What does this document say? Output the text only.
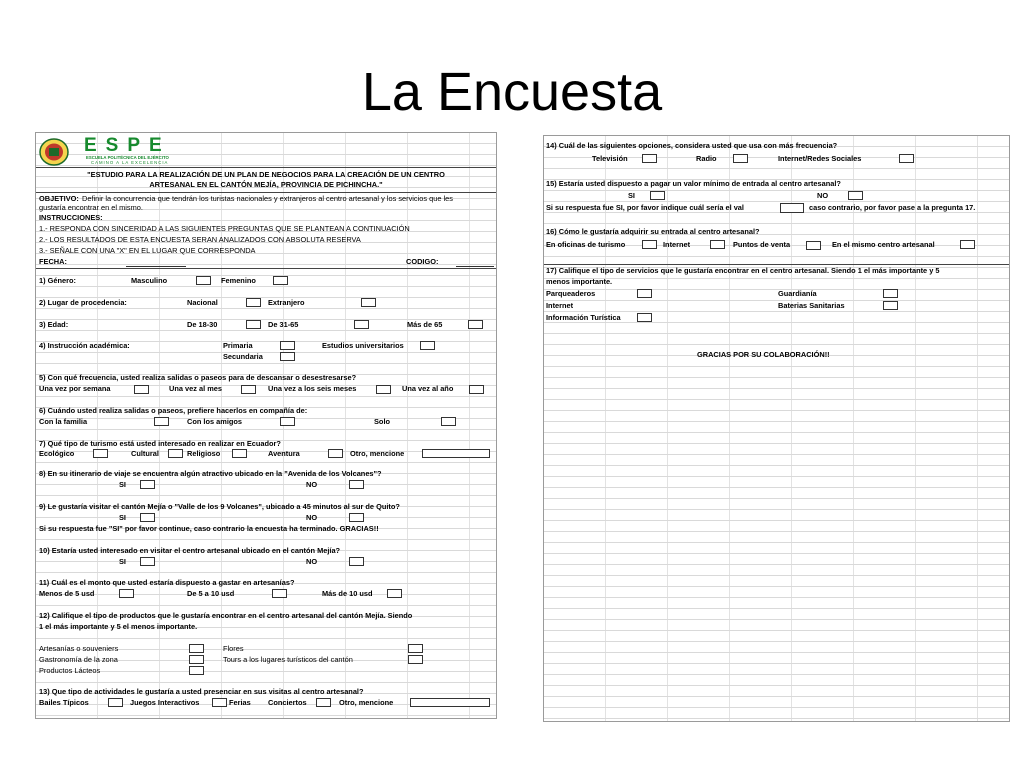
La Encuesta
ESPE
ESCUELA POLITÉCNICA DEL EJÉRCITO
CAMINO A LA EXCELENCIA
"ESTUDIO PARA LA REALIZACIÓN DE UN PLAN DE NEGOCIOS PARA LA CREACIÓN DE UN CENTRO
ARTESANAL EN EL CANTÓN MEJÍA, PROVINCIA DE PICHINCHA."
OBJETIVO: Definir la concurrencia que tendrán los turistas nacionales y extranjeros al centro artesanal y los servicios que les
gustaría encontrar en el mismo.
INSTRUCCIONES:
1.- RESPONDA CON SINCERIDAD A LAS SIGUIENTES PREGUNTAS QUE SE PLANTEAN A CONTINUACIÓN
2.- LOS RESULTADOS DE ESTA ENCUESTA SERAN ANALIZADOS CON ABSOLUTA RESERVA
3.- SEÑALE CON UNA "X" EN EL LUGAR QUE CORRESPONDA
FECHA:	CODIGO:
1) Género:	Masculino	Femenino
2) Lugar de procedencia:	Nacional	Extranjero
3) Edad:	De 18-30	De 31-65	Más de 65
4) Instrucción académica:	Primaria	Estudios universitarios
Secundaria
5) Con qué frecuencia, usted realiza salidas o paseos para de descansar o desestresarse?
Una vez por semana	Una vez al mes	Una vez a los seis meses	Una vez al año
6) Cuándo usted realiza salidas o paseos, prefiere hacerlos en compañía de:
Con la familia	Con los amigos	Solo
7) Qué tipo de turismo está usted interesado en realizar en Ecuador?
Ecológico	Cultural	Religioso	Aventura	Otro, mencione
8) En su itinerario de viaje se encuentra algún atractivo ubicado en la "Avenida de los Volcanes"?
SI	NO
9) Le gustaría visitar el cantón Mejía o "Valle de los 9 Volcanes", ubicado a 45 minutos al sur de Quito?
SI	NO
Si su respuesta fue "SI" por favor continue, caso contrario la encuesta ha terminado. GRACIAS!!
10) Estaría usted interesado en visitar el centro artesanal ubicado en el cantón Mejía?
SI	NO
11) Cuál es el monto que usted estaría dispuesto a gastar en artesanías?
Menos de 5 usd	De 5 a 10 usd	Más de 10 usd
12) Califique el tipo de productos que le gustaría encontrar en el centro artesanal del cantón Mejía. Siendo
1 el más importante y 5 el menos importante.
Artesanías o souveniers	Flores
Gastronomía de la zona	Tours a los lugares turísticos del cantón
Productos Lácteos
13) Que tipo de actividades le gustaría a usted presenciar en sus visitas al centro artesanal?
Bailes Típicos	Juegos Interactivos	Ferias Conciertos	Otro, mencione
14) Cuál de las siguientes opciones, considera usted que usa con más frecuencia?
Televisión	Radio	Internet/Redes Sociales
15) Estaría usted dispuesto a pagar un valor mínimo de entrada al centro artesanal?
SI	NO
Si su respuesta fue SI, por favor indique cuál sería el val	caso contrario, por favor pase a la pregunta 17.
16) Cómo le gustaría adquirir su entrada al centro artesanal?
En oficinas de turismo	Internet	Puntos de venta	En el mismo centro artesanal
17) Califique el tipo de servicios que le gustaría encontrar en el centro artesanal. Siendo 1 el más importante y 5
menos importante.
Parqueaderos	Guardianía
Internet	Baterias Sanitarias
Información Turística
GRACIAS POR SU COLABORACIÓN!!
